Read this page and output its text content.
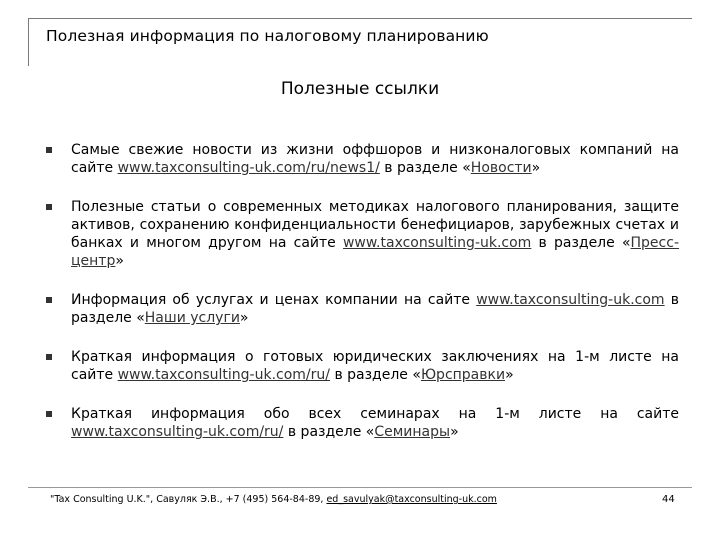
Полезная информация по налоговому планированию
Полезные ссылки
Самые свежие новости из жизни оффшоров и низконалоговых компаний на сайте www.taxconsulting-uk.com/ru/news1/ в разделе «Новости»
Полезные статьи о современных методиках налогового планирования, защите активов, сохранению конфиденциальности бенефициаров, зарубежных счетах и банках и многом другом на сайте www.taxconsulting-uk.com в разделе «Пресс-центр»
Информация об услугах и ценах компании на сайте www.taxconsulting-uk.com в разделе «Наши услуги»
Краткая информация о готовых юридических заключениях на 1-м листе на сайте www.taxconsulting-uk.com/ru/ в разделе «Юрсправки»
Краткая информация обо всех семинарах на 1-м листе на сайте www.taxconsulting-uk.com/ru/ в разделе «Семинары»
"Tax Consulting U.K.", Савуляк Э.В., +7 (495) 564-84-89, ed_savulyak@taxconsulting-uk.com	44
